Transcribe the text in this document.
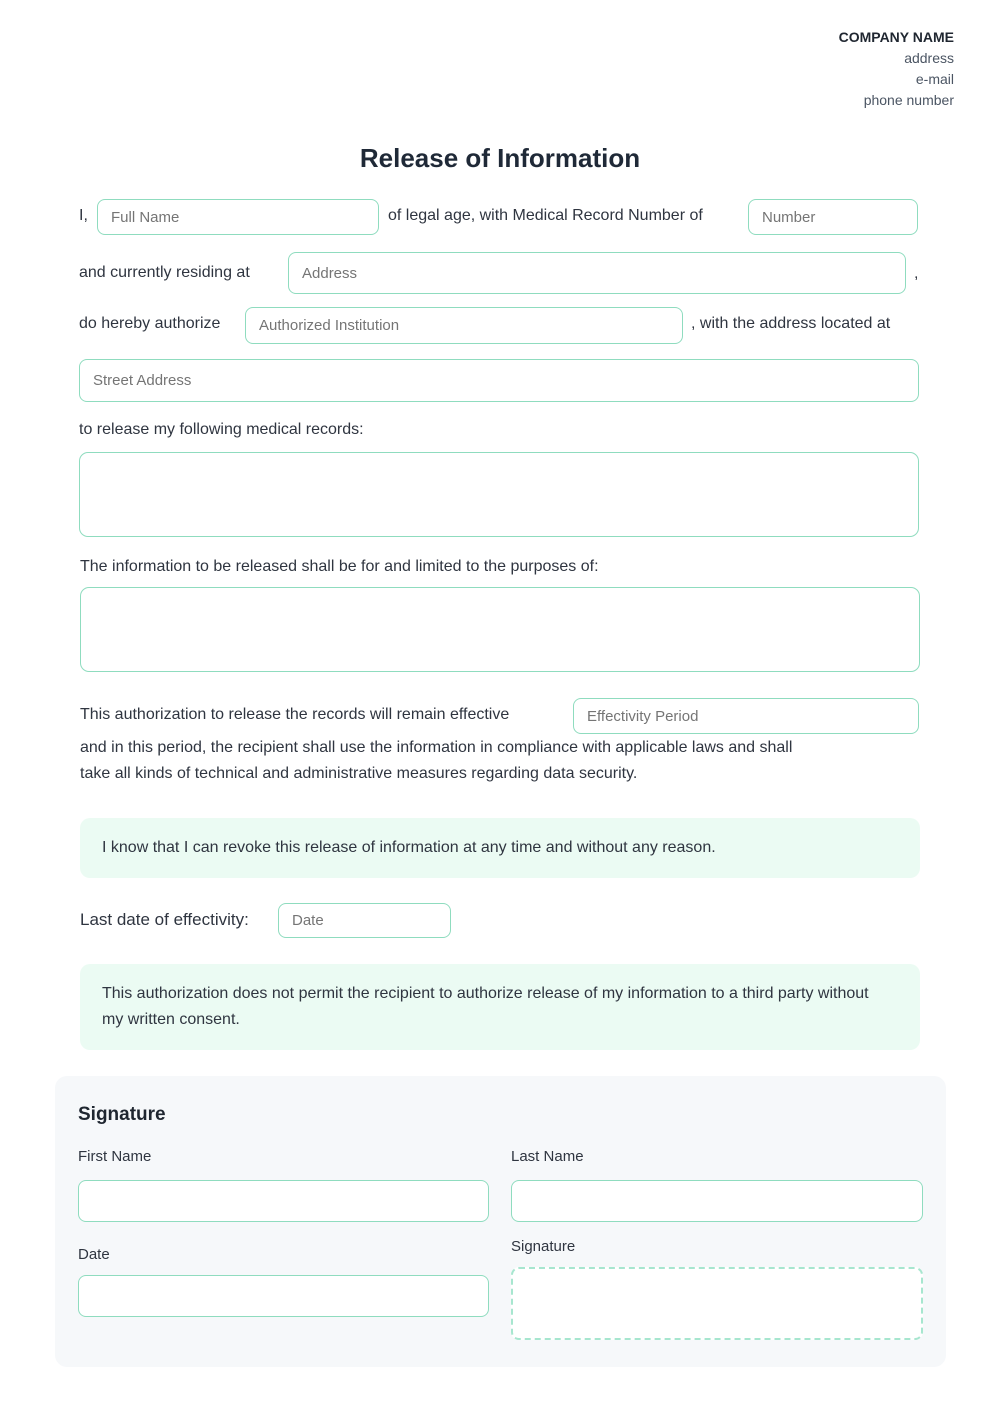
COMPANY NAME
address
e-mail
phone number
Release of Information
I,
Full Name	of legal age, with Medical Record Number of
Number
and currently residing at
Address	,
do hereby authorize
Authorized Institution	, with the address located at
Street Address
to release my following medical records:
The information to be released shall be for and limited to the purposes of:
This authorization to release the records will remain effective
Effectivity Period
and in this period, the recipient shall use the information in compliance with applicable laws and shall
take all kinds of technical and administrative measures regarding data security.
I know that I can revoke this release of information at any time and without any reason.
Last date of effectivity:
Date
This authorization does not permit the recipient to authorize release of my information to a third party without my written consent.
Signature
First Name	Last Name
Date	Signature
